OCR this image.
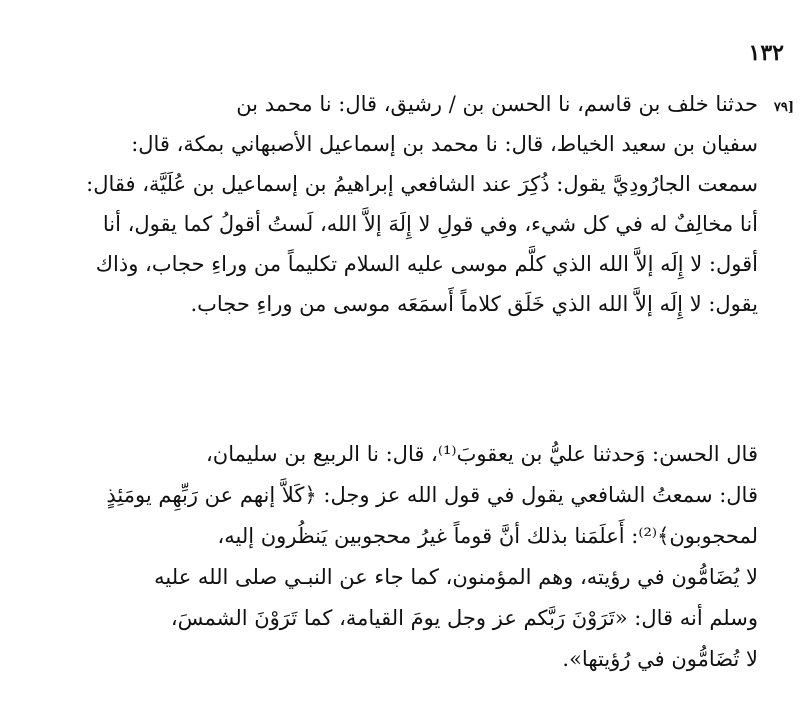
١٣٢
[٧٩
حدثنا خلف بن قاسم، نا الحسن بن / رشيق، قال: نا محمد بن
سفيان بن سعيد الخياط، قال: نا محمد بن إسماعيل الأصبهاني بمكة، قال:
سمعت الجارُودِيَّ يقول: ذُكِرَ عند الشافعي إبراهيمُ بن إسماعيل بن عُلَيَّة، فقال:
أنا مخالِفٌ له في كل شيء، وفي قولِ لا إِلَهَ إلاَّ الله، لَستُ أقولُ كما يقول، أنا
أقول: لا إِلَه إلاَّ الله الذي كلَّم موسى عليه السلام تكليماً من وراءِ حجاب، وذاك
يقول: لا إِلَه إلاَّ الله الذي خَلَق كلاماً أَسمَعَه موسى من وراءِ حجاب.
قال الحسن: وَحدثنا عليُّ بن يعقوبَ⁽¹⁾، قال: نا الربيع بن سليمان،
قال: سمعتُ الشافعي يقول في قول الله عز وجل: ﴿كَلاَّ إنهم عن رَبِّهِم يومَئِذٍ
لمحجوبون﴾⁽²⁾: أَعلَمَنا بذلك أنَّ قوماً غيرُ محجوبين يَنظُرون إليه،
لا يُضَامُّون في رؤيته، وهم المؤمنون، كما جاء عن النبـي صلى الله عليه
وسلم أنه قال: «تَرَوْنَ رَبَّكم عز وجل يومَ القيامة، كما تَرَوْنَ الشمسَ،
لا تُضَامُّون في رُؤيتها».
